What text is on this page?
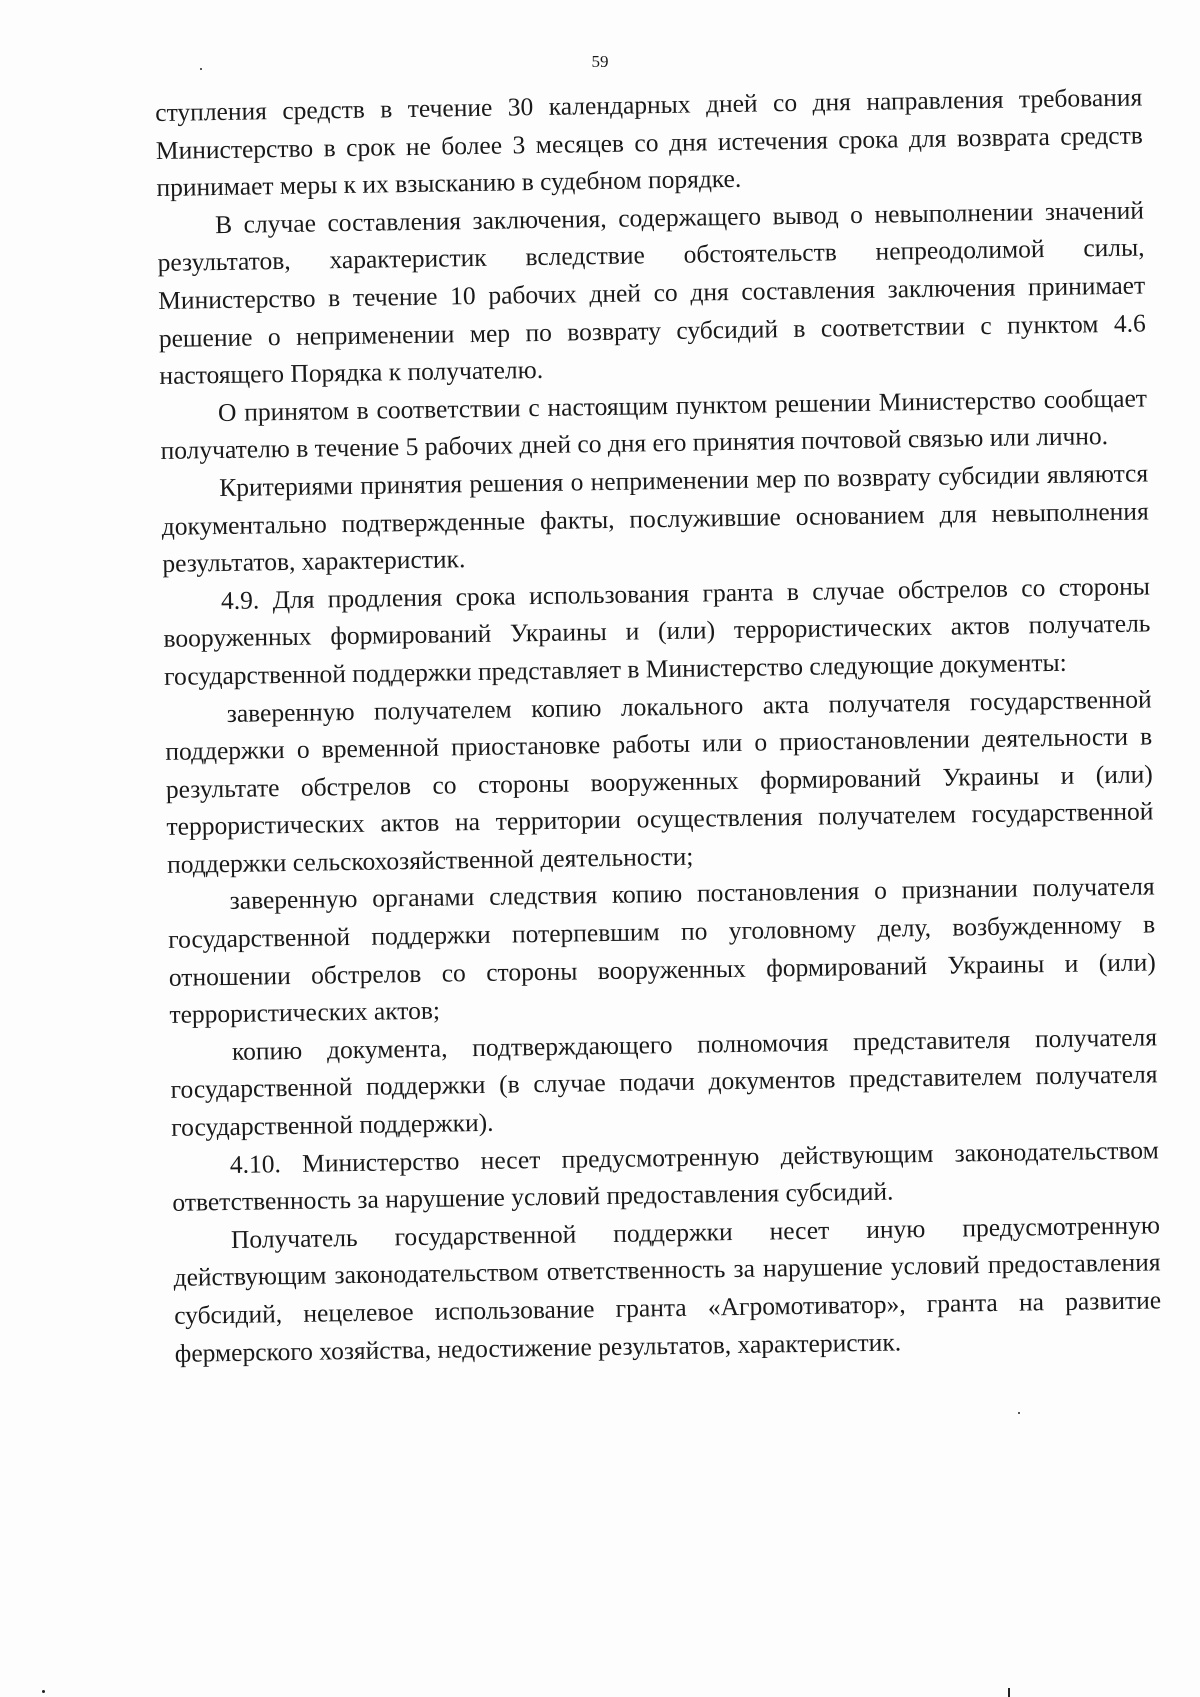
59

ступления средств в течение 30 календарных дней со дня направления требования Министерство в срок не более 3 месяцев со дня истечения срока для возврата средств принимает меры к их взысканию в судебном порядке.

В случае составления заключения, содержащего вывод о невыполнении значений результатов, характеристик вследствие обстоятельств непреодолимой силы, Министерство в течение 10 рабочих дней со дня составления заключения принимает решение о неприменении мер по возврату субсидий в соответствии с пунктом 4.6 настоящего Порядка к получателю.

О принятом в соответствии с настоящим пунктом решении Министерство сообщает получателю в течение 5 рабочих дней со дня его принятия почтовой связью или лично.

Критериями принятия решения о неприменении мер по возврату субсидии являются документально подтвержденные факты, послужившие основанием для невыполнения результатов, характеристик.

4.9. Для продления срока использования гранта в случае обстрелов со стороны вооруженных формирований Украины и (или) террористических актов получатель государственной поддержки представляет в Министерство следующие документы:

заверенную получателем копию локального акта получателя государственной поддержки о временной приостановке работы или о приостановлении деятельности в результате обстрелов со стороны вооруженных формирований Украины и (или) террористических актов на территории осуществления получателем государственной поддержки сельскохозяйственной деятельности;

заверенную органами следствия копию постановления о признании получателя государственной поддержки потерпевшим по уголовному делу, возбужденному в отношении обстрелов со стороны вооруженных формирований Украины и (или) террористических актов;

копию документа, подтверждающего полномочия представителя получателя государственной поддержки (в случае подачи документов представителем получателя государственной поддержки).

4.10. Министерство несет предусмотренную действующим законодательством ответственность за нарушение условий предоставления субсидий.

Получатель государственной поддержки несет иную предусмотренную действующим законодательством ответственность за нарушение условий предоставления субсидий, нецелевое использование гранта «Агромотиватор», гранта на развитие фермерского хозяйства, недостижение результатов, характеристик.
